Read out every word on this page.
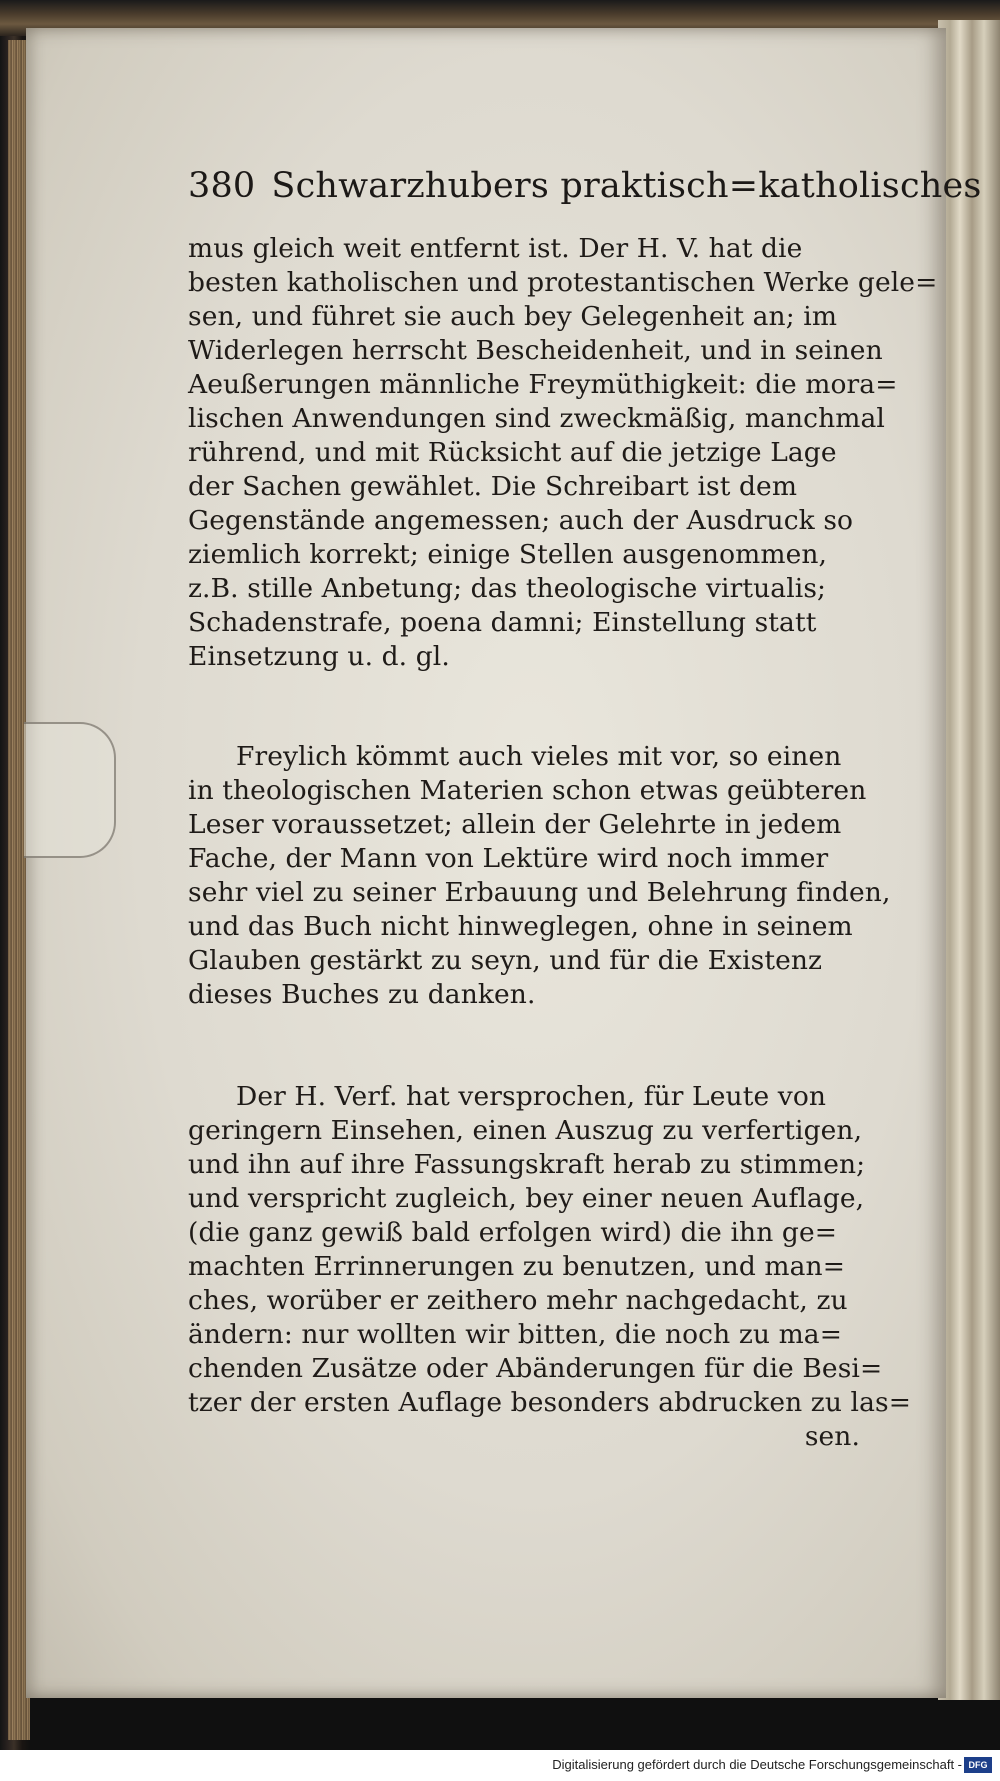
380 Schwarzhubers praktisch=katholisches
mus gleich weit entfernt ist. Der H. V. hat die
besten katholischen und protestantischen Werke gele=
sen, und führet sie auch bey Gelegenheit an; im
Widerlegen herrscht Bescheidenheit, und in seinen
Aeußerungen männliche Freymüthigkeit: die mora=
lischen Anwendungen sind zweckmäßig, manchmal
rührend, und mit Rücksicht auf die jetzige Lage
der Sachen gewählet. Die Schreibart ist dem
Gegenstände angemessen; auch der Ausdruck so
ziemlich korrekt; einige Stellen ausgenommen,
z.B. stille Anbetung; das theologische virtualis;
Schadenstrafe, poena damni; Einstellung statt
Einsetzung u. d. gl.
Freylich kömmt auch vieles mit vor, so einen
in theologischen Materien schon etwas geübteren
Leser voraussetzet; allein der Gelehrte in jedem
Fache, der Mann von Lektüre wird noch immer
sehr viel zu seiner Erbauung und Belehrung finden,
und das Buch nicht hinweglegen, ohne in seinem
Glauben gestärkt zu seyn, und für die Existenz
dieses Buches zu danken.
Der H. Verf. hat versprochen, für Leute von
geringern Einsehen, einen Auszug zu verfertigen,
und ihn auf ihre Fassungskraft herab zu stimmen;
und verspricht zugleich, bey einer neuen Auflage,
(die ganz gewiß bald erfolgen wird) die ihn ge=
machten Errinnerungen zu benutzen, und man=
ches, worüber er zeithero mehr nachgedacht, zu
ändern: nur wollten wir bitten, die noch zu ma=
chenden Zusätze oder Abänderungen für die Besi=
tzer der ersten Auflage besonders abdrucken zu las=
sen.
Digitalisierung gefördert durch die Deutsche Forschungsgemeinschaft - DFG
